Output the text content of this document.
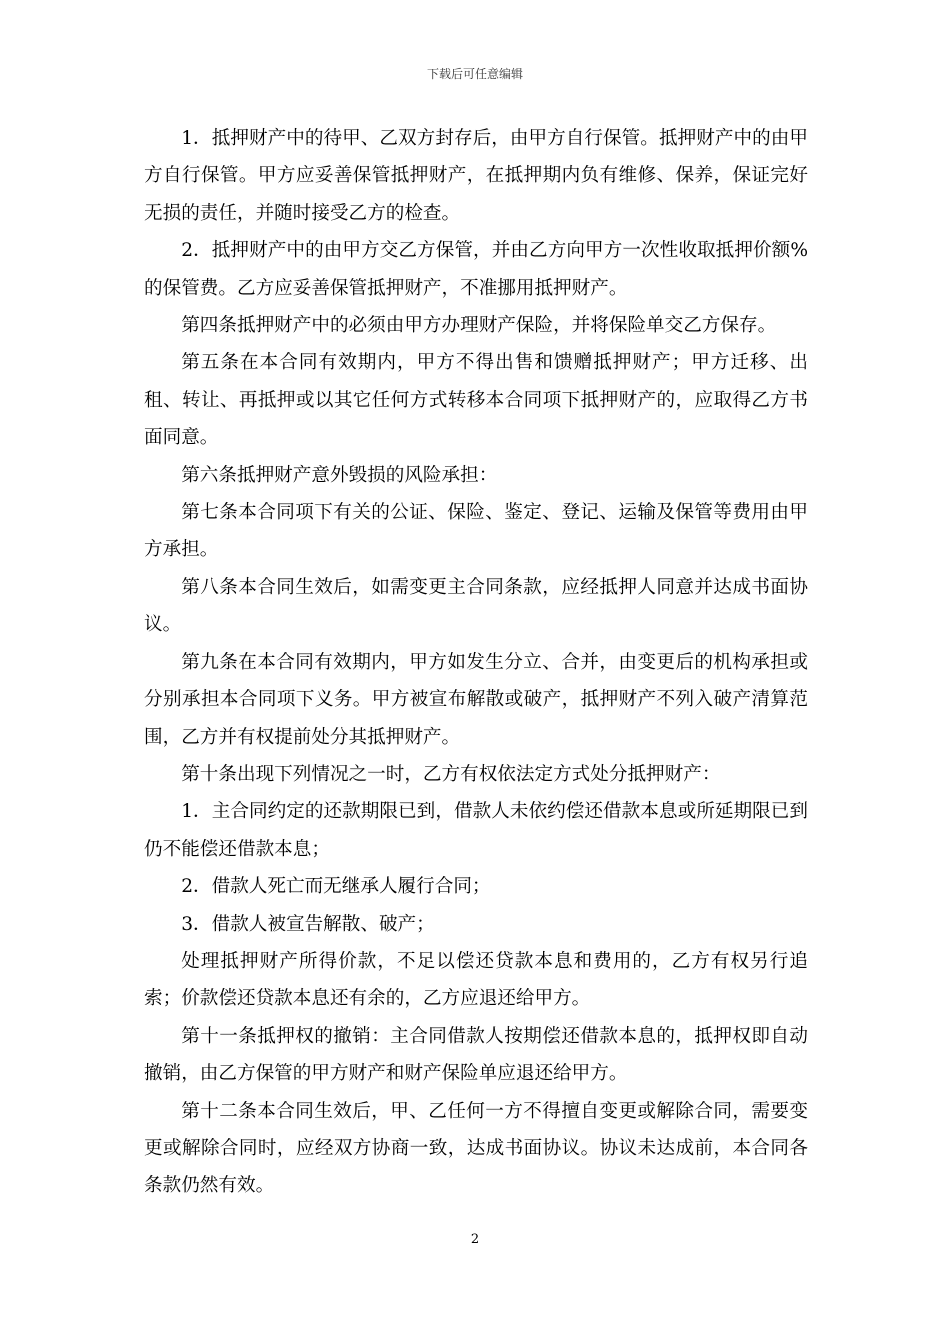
下载后可任意编辑

1．抵押财产中的待甲、乙双方封存后，由甲方自行保管。抵押财产中的由甲方自行保管。甲方应妥善保管抵押财产，在抵押期内负有维修、保养，保证完好无损的责任，并随时接受乙方的检查。

2．抵押财产中的由甲方交乙方保管，并由乙方向甲方一次性收取抵押价额%的保管费。乙方应妥善保管抵押财产，不准挪用抵押财产。

第四条抵押财产中的必须由甲方办理财产保险，并将保险单交乙方保存。

第五条在本合同有效期内，甲方不得出售和馈赠抵押财产；甲方迁移、出租、转让、再抵押或以其它任何方式转移本合同项下抵押财产的，应取得乙方书面同意。

第六条抵押财产意外毁损的风险承担：

第七条本合同项下有关的公证、保险、鉴定、登记、运输及保管等费用由甲方承担。

第八条本合同生效后，如需变更主合同条款，应经抵押人同意并达成书面协议。

第九条在本合同有效期内，甲方如发生分立、合并，由变更后的机构承担或分别承担本合同项下义务。甲方被宣布解散或破产，抵押财产不列入破产清算范围，乙方并有权提前处分其抵押财产。

第十条出现下列情况之一时，乙方有权依法定方式处分抵押财产：

1．主合同约定的还款期限已到，借款人未依约偿还借款本息或所延期限已到仍不能偿还借款本息；

2．借款人死亡而无继承人履行合同；

3．借款人被宣告解散、破产；

处理抵押财产所得价款，不足以偿还贷款本息和费用的，乙方有权另行追索；价款偿还贷款本息还有余的，乙方应退还给甲方。

第十一条抵押权的撤销：主合同借款人按期偿还借款本息的，抵押权即自动撤销，由乙方保管的甲方财产和财产保险单应退还给甲方。

第十二条本合同生效后，甲、乙任何一方不得擅自变更或解除合同，需要变更或解除合同时，应经双方协商一致，达成书面协议。协议未达成前，本合同各条款仍然有效。

2
